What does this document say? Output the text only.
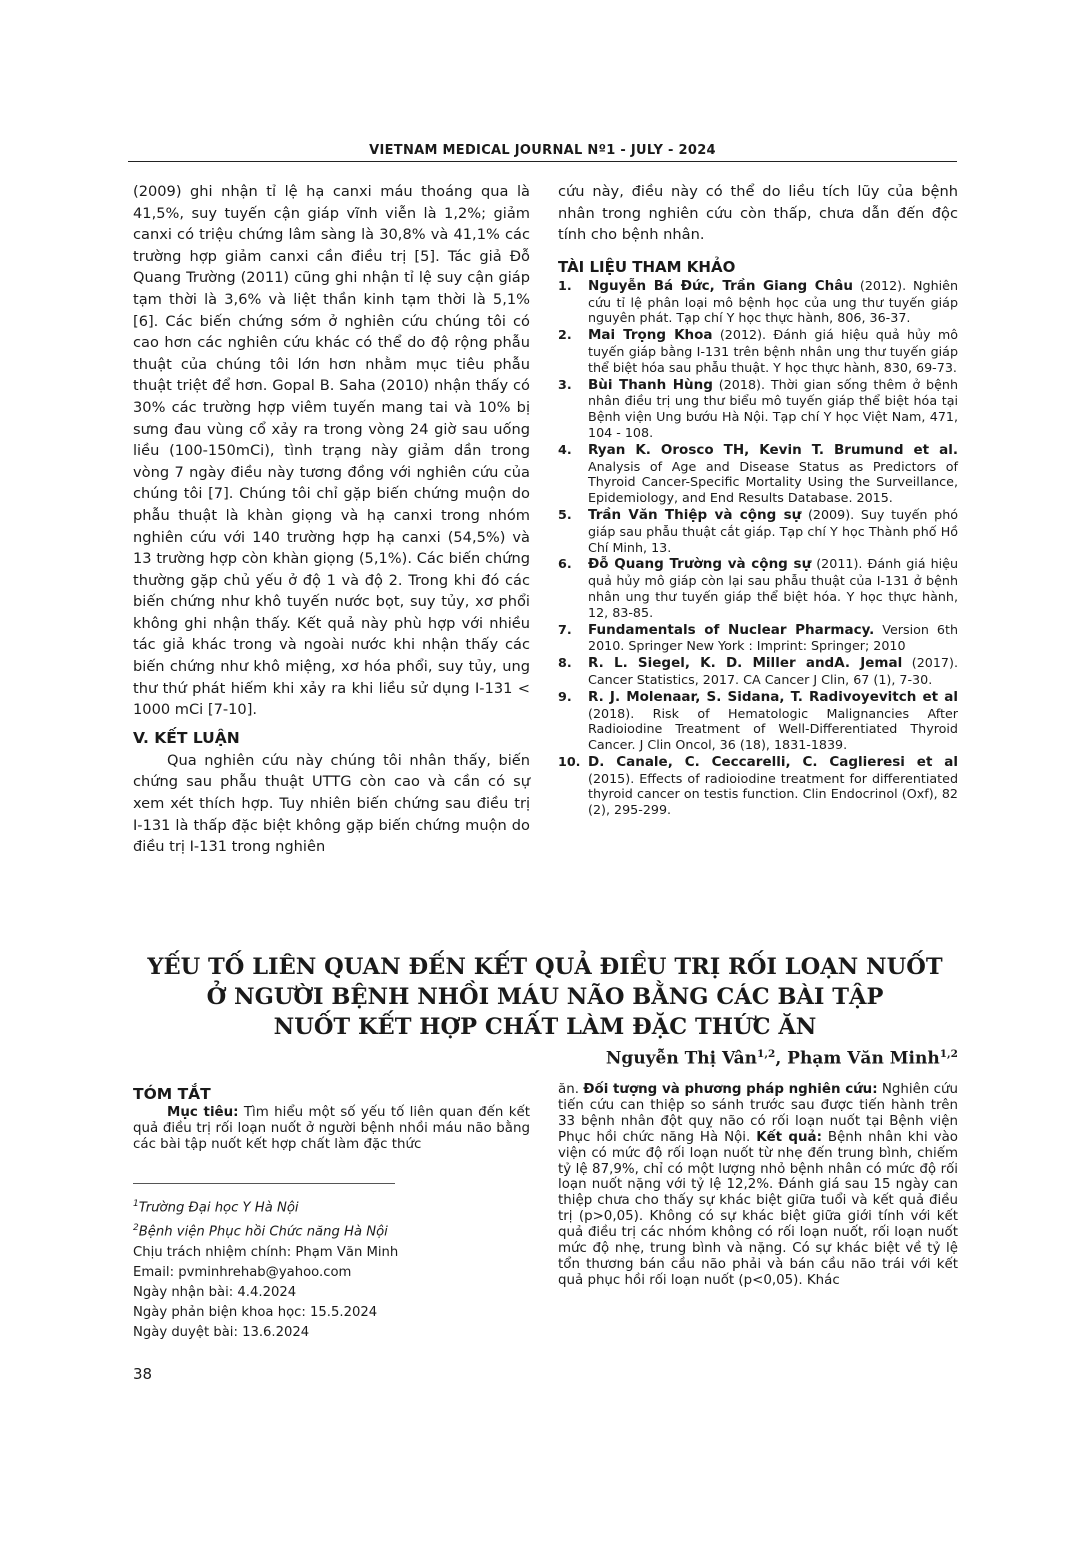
VIETNAM MEDICAL JOURNAL Nº1 - JULY - 2024

(2009) ghi nhận tỉ lệ hạ canxi máu thoáng qua là 41,5%, suy tuyến cận giáp vĩnh viễn là 1,2%; giảm canxi có triệu chứng lâm sàng là 30,8% và 41,1% các trường hợp giảm canxi cần điều trị [5]. Tác giả Đỗ Quang Trường (2011) cũng ghi nhận tỉ lệ suy cận giáp tạm thời là 3,6% và liệt thần kinh tạm thời là 5,1% [6]. Các biến chứng sớm ở nghiên cứu chúng tôi có cao hơn các nghiên cứu khác có thể do độ rộng phẫu thuật của chúng tôi lớn hơn nhằm mục tiêu phẫu thuật triệt để hơn. Gopal B. Saha (2010) nhận thấy có 30% các trường hợp viêm tuyến mang tai và 10% bị sưng đau vùng cổ xảy ra trong vòng 24 giờ sau uống liều (100-150mCi), tình trạng này giảm dần trong vòng 7 ngày điều này tương đồng với nghiên cứu của chúng tôi [7]. Chúng tôi chỉ gặp biến chứng muộn do phẫu thuật là khàn giọng và hạ canxi trong nhóm nghiên cứu với 140 trường hợp hạ canxi (54,5%) và 13 trường hợp còn khàn giọng (5,1%). Các biến chứng thường gặp chủ yếu ở độ 1 và độ 2. Trong khi đó các biến chứng như khô tuyến nước bọt, suy tủy, xơ phổi không ghi nhận thấy. Kết quả này phù hợp với nhiều tác giả khác trong và ngoài nước khi nhận thấy các biến chứng như khô miệng, xơ hóa phổi, suy tủy, ung thư thứ phát hiếm khi xảy ra khi liều sử dụng I-131 < 1000 mCi [7-10].

V. KẾT LUẬN

Qua nghiên cứu này chúng tôi nhân thấy, biến chứng sau phẫu thuật UTTG còn cao và cần có sự xem xét thích hợp. Tuy nhiên biến chứng sau điều trị I-131 là thấp đặc biệt không gặp biến chứng muộn do điều trị I-131 trong nghiên

cứu này, điều này có thể do liều tích lũy của bệnh nhân trong nghiên cứu còn thấp, chưa dẫn đến độc tính cho bệnh nhân.

TÀI LIỆU THAM KHẢO
1.	Nguyễn Bá Đức, Trần Giang Châu (2012). Nghiên cứu tỉ lệ phân loại mô bệnh học của ung thư tuyến giáp nguyên phát. Tạp chí Y học thực hành, 806, 36-37.
2.	Mai Trọng Khoa (2012). Đánh giá hiệu quả hủy mô tuyến giáp bằng I-131 trên bệnh nhân ung thư tuyến giáp thể biệt hóa sau phẫu thuật. Y học thực hành, 830, 69-73.
3.	Bùi Thanh Hùng (2018). Thời gian sống thêm ở bệnh nhân điều trị ung thư biểu mô tuyến giáp thể biệt hóa tại Bệnh viện Ung bướu Hà Nội. Tạp chí Y học Việt Nam, 471, 104 - 108.
4.	Ryan K. Orosco TH, Kevin T. Brumund et al. Analysis of Age and Disease Status as Predictors of Thyroid Cancer-Specific Mortality Using the Surveillance, Epidemiology, and End Results Database. 2015.
5.	Trần Văn Thiệp và cộng sự (2009). Suy tuyến phó giáp sau phẫu thuật cắt giáp. Tạp chí Y học Thành phố Hồ Chí Minh, 13.
6.	Đỗ Quang Trường và cộng sự (2011). Đánh giá hiệu quả hủy mô giáp còn lại sau phẫu thuật của I-131 ở bệnh nhân ung thư tuyến giáp thể biệt hóa. Y học thực hành, 12, 83-85.
7.	Fundamentals of Nuclear Pharmacy. Version 6th 2010. Springer New York : Imprint: Springer; 2010
8.	R. L. Siegel, K. D. Miller andA. Jemal (2017). Cancer Statistics, 2017. CA Cancer J Clin, 67 (1), 7-30.
9.	R. J. Molenaar, S. Sidana, T. Radivoyevitch et al (2018). Risk of Hematologic Malignancies After Radioiodine Treatment of Well-Differentiated Thyroid Cancer. J Clin Oncol, 36 (18), 1831-1839.
10. D. Canale, C. Ceccarelli, C. Caglieresi et al (2015). Effects of radioiodine treatment for differentiated thyroid cancer on testis function. Clin Endocrinol (Oxf), 82 (2), 295-299.
YẾU TỐ LIÊN QUAN ĐẾN KẾT QUẢ ĐIỀU TRỊ RỐI LOẠN NUỐT
Ở NGƯỜI BỆNH NHỒI MÁU NÃO BẰNG CÁC BÀI TẬP
NUỐT KẾT HỢP CHẤT LÀM ĐẶC THỨC ĂN
Nguyễn Thị Vân$^{1,2}$, Phạm Văn Minh$^{1,2}$
TÓM TẮT

Mục tiêu: Tìm hiểu một số yếu tố liên quan đến kết quả điều trị rối loạn nuốt ở người bệnh nhồi máu não bằng các bài tập nuốt kết hợp chất làm đặc thức

ăn. Đối tượng và phương pháp nghiên cứu: Nghiên cứu tiến cứu can thiệp so sánh trước sau được tiến hành trên 33 bệnh nhân đột quỵ não có rối loạn nuốt tại Bệnh viện Phục hồi chức năng Hà Nội. Kết quả: Bệnh nhân khi vào viện có mức độ rối loạn nuốt từ nhẹ đến trung bình, chiếm tỷ lệ 87,9%, chỉ có một lượng nhỏ bệnh nhân có mức độ rối loạn nuốt nặng với tỷ lệ 12,2%. Đánh giá sau 15 ngày can thiệp chưa cho thấy sự khác biệt giữa tuổi và kết quả điều trị (p>0,05). Không có sự khác biệt giữa giới tính với kết quả điều trị các nhóm không có rối loạn nuốt, rối loạn nuốt mức độ nhẹ, trung bình và nặng. Có sự khác biệt về tỷ lệ tổn thương bán cầu não phải và bán cầu não trái với kết quả phục hồi rối loạn nuốt (p<0,05). Khác

$^1$Trường Đại học Y Hà Nội
$^2$Bệnh viện Phục hồi Chức năng Hà Nội
Chịu trách nhiệm chính: Phạm Văn Minh
Email: pvminhrehab@yahoo.com
Ngày nhận bài: 4.4.2024
Ngày phản biện khoa học: 15.5.2024
Ngày duyệt bài: 13.6.2024
38
